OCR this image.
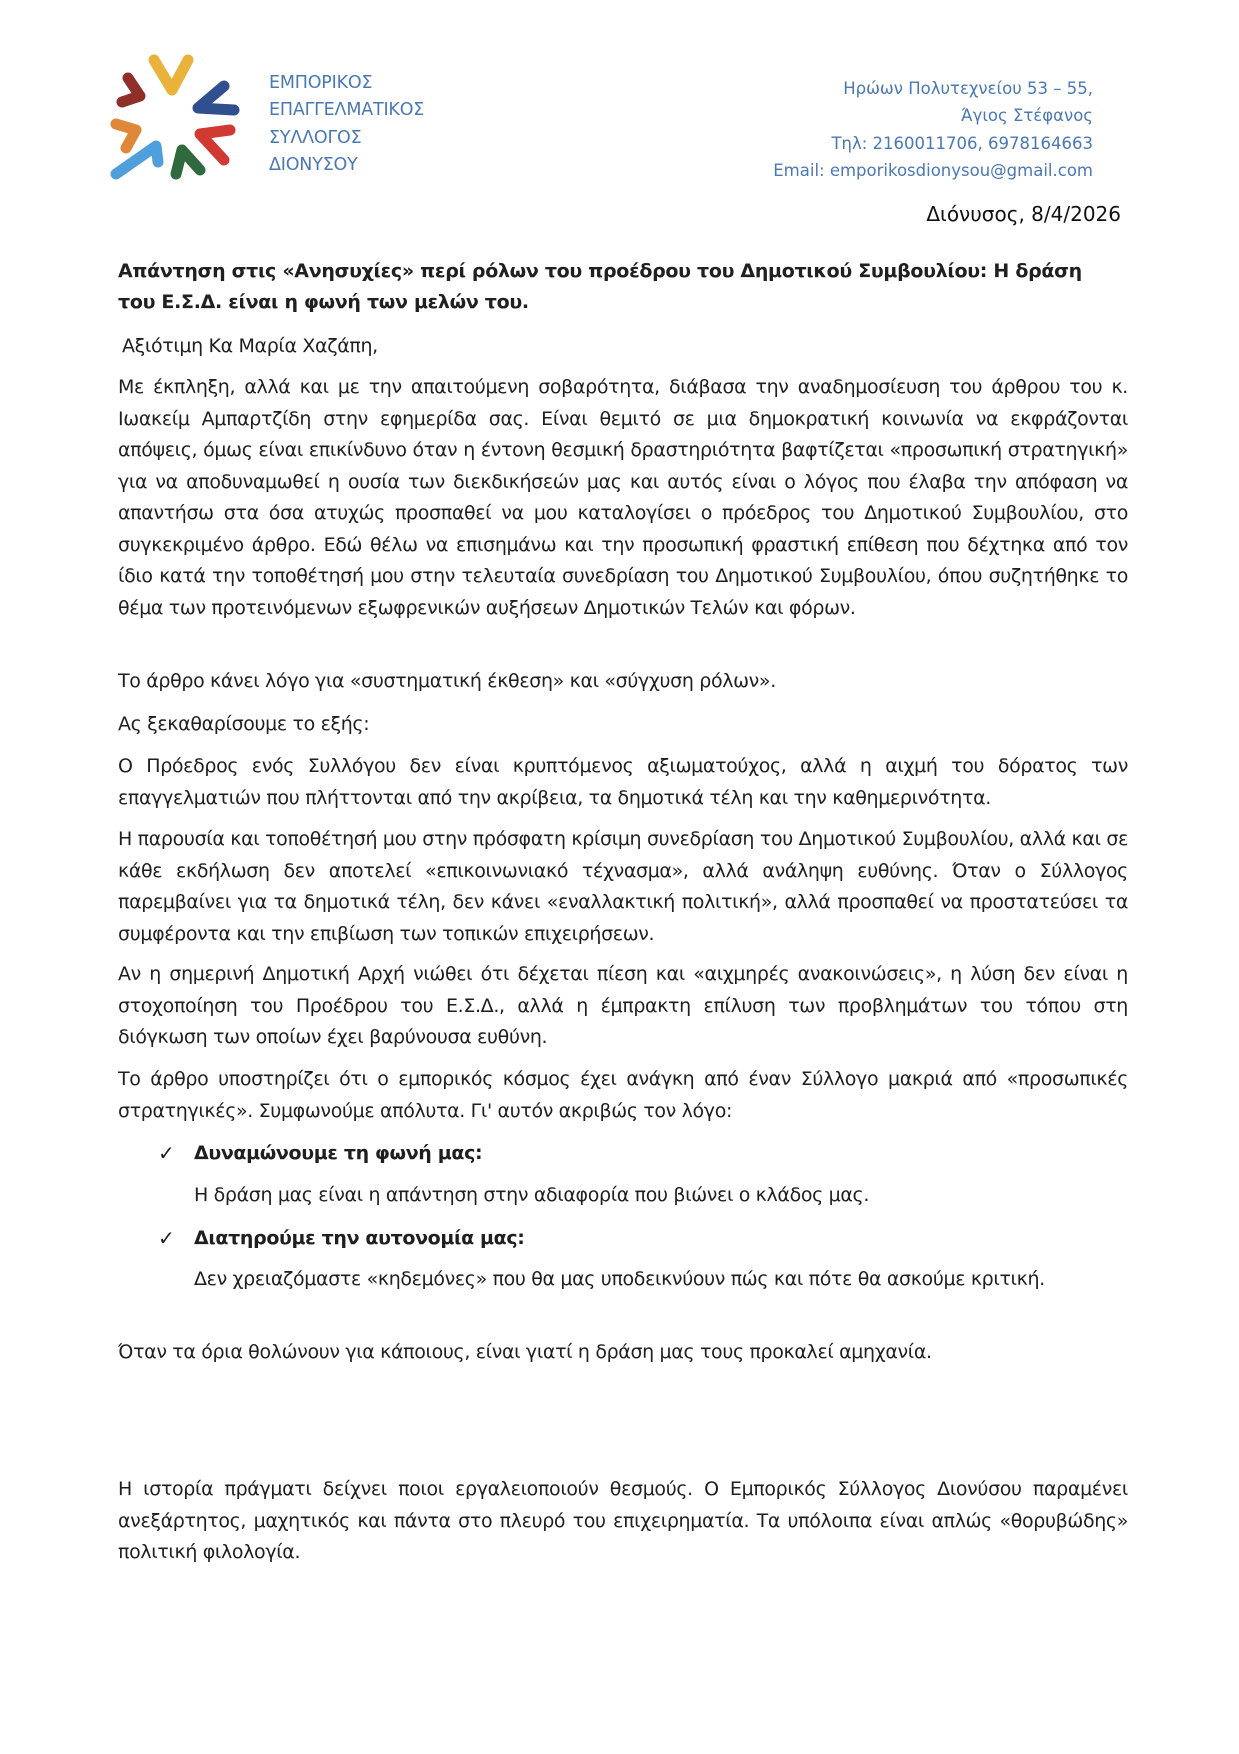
ΕΜΠΟΡΙΚΟΣ
ΕΠΑΓΓΕΛΜΑΤΙΚΟΣ
ΣΥΛΛΟΓΟΣ
ΔΙΟΝΥΣΟΥ
Ηρώων Πολυτεχνείου 53 – 55,
Άγιος Στέφανος
Τηλ: 2160011706, 6978164663
Email: emporikosdionysou@gmail.com
Διόνυσος, 8/4/2026
Απάντηση στις «Ανησυχίες» περί ρόλων του προέδρου του Δημοτικού Συμβουλίου: Η δράση
του Ε.Σ.Δ. είναι η φωνή των μελών του.
Αξιότιμη Κα Μαρία Χαζάπη,
Με έκπληξη, αλλά και με την απαιτούμενη σοβαρότητα, διάβασα την αναδημοσίευση του άρθρου του κ. Ιωακείμ Αμπαρτζίδη στην εφημερίδα σας. Είναι θεμιτό σε μια δημοκρατική κοινωνία να εκφράζονται απόψεις, όμως είναι επικίνδυνο όταν η έντονη θεσμική δραστηριότητα βαφτίζεται «προσωπική στρατηγική» για να αποδυναμωθεί η ουσία των διεκδικήσεών μας και αυτός είναι ο λόγος που έλαβα την απόφαση να απαντήσω στα όσα ατυχώς προσπαθεί να μου καταλογίσει ο πρόεδρος του Δημοτικού Συμβουλίου, στο συγκεκριμένο άρθρο. Εδώ θέλω να επισημάνω και την προσωπική φραστική επίθεση που δέχτηκα από τον ίδιο κατά την τοποθέτησή μου στην τελευταία συνεδρίαση του Δημοτικού Συμβουλίου, όπου συζητήθηκε το θέμα των προτεινόμενων εξωφρενικών αυξήσεων Δημοτικών Τελών και φόρων.
Το άρθρο κάνει λόγο για «συστηματική έκθεση» και «σύγχυση ρόλων».
Ας ξεκαθαρίσουμε το εξής:
Ο Πρόεδρος ενός Συλλόγου δεν είναι κρυπτόμενος αξιωματούχος, αλλά η αιχμή του δόρατος των επαγγελματιών που πλήττονται από την ακρίβεια, τα δημοτικά τέλη και την καθημερινότητα.
Η παρουσία και τοποθέτησή μου στην πρόσφατη κρίσιμη συνεδρίαση του Δημοτικού Συμβουλίου, αλλά και σε κάθε εκδήλωση δεν αποτελεί «επικοινωνιακό τέχνασμα», αλλά ανάληψη ευθύνης. Όταν ο Σύλλογος παρεμβαίνει για τα δημοτικά τέλη, δεν κάνει «εναλλακτική πολιτική», αλλά προσπαθεί να προστατεύσει τα συμφέροντα και την επιβίωση των τοπικών επιχειρήσεων.
Αν η σημερινή Δημοτική Αρχή νιώθει ότι δέχεται πίεση και «αιχμηρές ανακοινώσεις», η λύση δεν είναι η στοχοποίηση του Προέδρου του Ε.Σ.Δ., αλλά η έμπρακτη επίλυση των προβλημάτων του τόπου στη διόγκωση των οποίων έχει βαρύνουσα ευθύνη.
Το άρθρο υποστηρίζει ότι ο εμπορικός κόσμος έχει ανάγκη από έναν Σύλλογο μακριά από «προσωπικές στρατηγικές». Συμφωνούμε απόλυτα. Γι' αυτόν ακριβώς τον λόγο:
✓ Δυναμώνουμε τη φωνή μας:
Η δράση μας είναι η απάντηση στην αδιαφορία που βιώνει ο κλάδος μας.
✓ Διατηρούμε την αυτονομία μας:
Δεν χρειαζόμαστε «κηδεμόνες» που θα μας υποδεικνύουν πώς και πότε θα ασκούμε κριτική.
Όταν τα όρια θολώνουν για κάποιους, είναι γιατί η δράση μας τους προκαλεί αμηχανία.
Η ιστορία πράγματι δείχνει ποιοι εργαλειοποιούν θεσμούς. Ο Εμπορικός Σύλλογος Διονύσου παραμένει ανεξάρτητος, μαχητικός και πάντα στο πλευρό του επιχειρηματία. Τα υπόλοιπα είναι απλώς «θορυβώδης» πολιτική φιλολογία.
